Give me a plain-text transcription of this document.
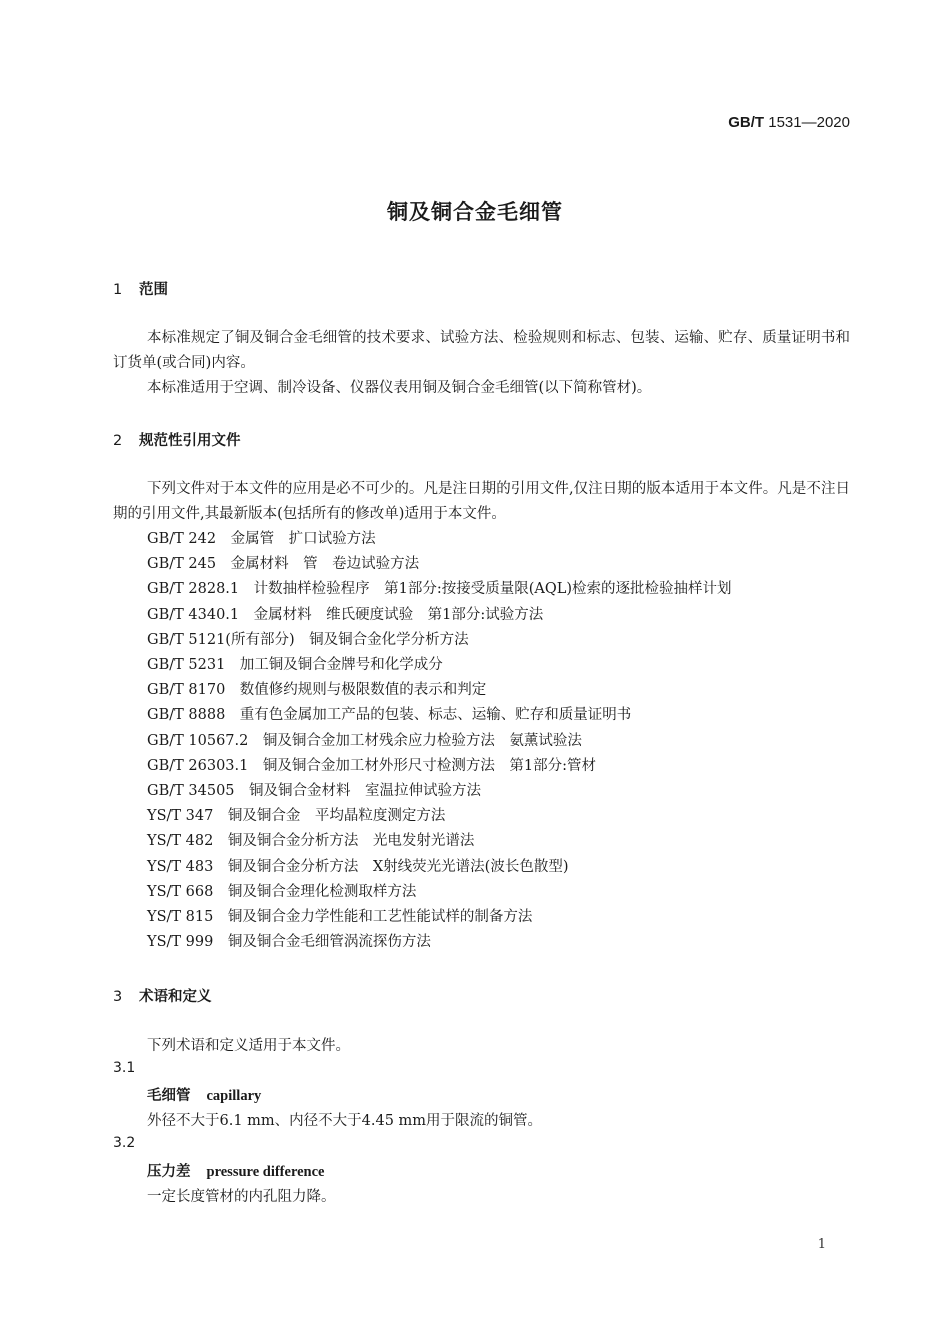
GB/T 1531—2020
铜及铜合金毛细管
1 范围
本标准规定了铜及铜合金毛细管的技术要求、试验方法、检验规则和标志、包装、运输、贮存、质量证明书和订货单(或合同)内容。
本标准适用于空调、制冷设备、仪器仪表用铜及铜合金毛细管(以下简称管材)。
2 规范性引用文件
下列文件对于本文件的应用是必不可少的。凡是注日期的引用文件,仅注日期的版本适用于本文件。凡是不注日期的引用文件,其最新版本(包括所有的修改单)适用于本文件。
GB/T 242　金属管　扩口试验方法
GB/T 245　金属材料　管　卷边试验方法
GB/T 2828.1　计数抽样检验程序　第1部分:按接受质量限(AQL)检索的逐批检验抽样计划
GB/T 4340.1　金属材料　维氏硬度试验　第1部分:试验方法
GB/T 5121(所有部分)　铜及铜合金化学分析方法
GB/T 5231　加工铜及铜合金牌号和化学成分
GB/T 8170　数值修约规则与极限数值的表示和判定
GB/T 8888　重有色金属加工产品的包装、标志、运输、贮存和质量证明书
GB/T 10567.2　铜及铜合金加工材残余应力检验方法　氨薰试验法
GB/T 26303.1　铜及铜合金加工材外形尺寸检测方法　第1部分:管材
GB/T 34505　铜及铜合金材料　室温拉伸试验方法
YS/T 347　铜及铜合金　平均晶粒度测定方法
YS/T 482　铜及铜合金分析方法　光电发射光谱法
YS/T 483　铜及铜合金分析方法　X射线荧光光谱法(波长色散型)
YS/T 668　铜及铜合金理化检测取样方法
YS/T 815　铜及铜合金力学性能和工艺性能试样的制备方法
YS/T 999　铜及铜合金毛细管涡流探伤方法
3 术语和定义
下列术语和定义适用于本文件。
3.1
毛细管 capillary
外径不大于6.1 mm、内径不大于4.45 mm用于限流的铜管。
3.2
压力差 pressure difference
一定长度管材的内孔阻力降。
1
